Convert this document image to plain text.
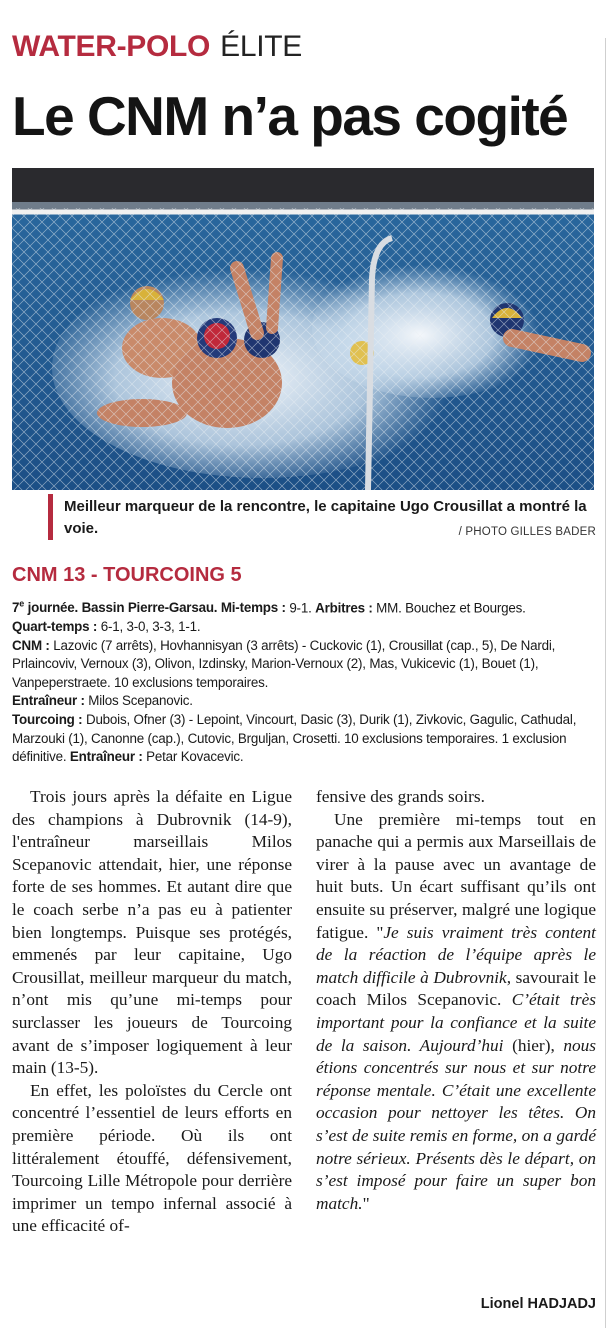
WATER-POLO ÉLITE
Le CNM n’a pas cogité
Meilleur marqueur de la rencontre, le capitaine Ugo Crousillat a montré la voie.	/ PHOTO GILLES BADER
CNM 13 - TOURCOING 5

7e journée. Bassin Pierre-Garsau. Mi-temps : 9-1. Arbitres : MM. Bouchez et Bourges.

Quart-temps : 6-1, 3-0, 3-3, 1-1.

CNM : Lazovic (7 arrêts), Hovhannisyan (3 arrêts) - Cuckovic (1), Crousillat (cap., 5), De Nardi, Prlaincoviv, Vernoux (3), Olivon, Izdinsky, Marion-Vernoux (2), Mas, Vukicevic (1), Bouet (1), Vanpeperstraete. 10 exclusions temporaires.

Entraîneur : Milos Scepanovic.

Tourcoing : Dubois, Ofner (3) - Lepoint, Vincourt, Dasic (3), Durik (1), Zivkovic, Gagulic, Cathudal, Marzouki (1), Canonne (cap.), Cutovic, Brguljan, Crosetti. 10 exclusions temporaires. 1 exclusion définitive. Entraîneur : Petar Kovacevic.

Trois jours après la défaite en Ligue des champions à Dubrovnik (14-9), l'entraîneur marseillais Milos Scepanovic attendait, hier, une réponse forte de ses hommes. Et autant dire que le coach serbe n’a pas eu à patienter bien longtemps. Puisque ses protégés, emmenés par leur capitaine, Ugo Crousillat, meilleur marqueur du match, n’ont mis qu’une mi-temps pour surclasser les joueurs de Tourcoing avant de s’imposer logiquement à leur main (13-5).

En effet, les poloïstes du Cercle ont concentré l’essentiel de leurs efforts en première période. Où ils ont littéralement étouffé, défensivement, Tourcoing Lille Métropole pour derrière imprimer un tempo infernal associé à une efficacité of-

fensive des grands soirs.

Une première mi-temps tout en panache qui a permis aux Marseillais de virer à la pause avec un avantage de huit buts. Un écart suffisant qu’ils ont ensuite su préserver, malgré une logique fatigue. "Je suis vraiment très content de la réaction de l’équipe après le match difficile à Dubrovnik, savourait le coach Milos Scepanovic. C’était très important pour la confiance et la suite de la saison. Aujourd’hui (hier), nous étions concentrés sur nous et sur notre réponse mentale. C’était une excellente occasion pour nettoyer les têtes. On s’est de suite remis en forme, on a gardé notre sérieux. Présents dès le départ, on s’est imposé pour faire un super bon match."

Lionel HADJADJ
